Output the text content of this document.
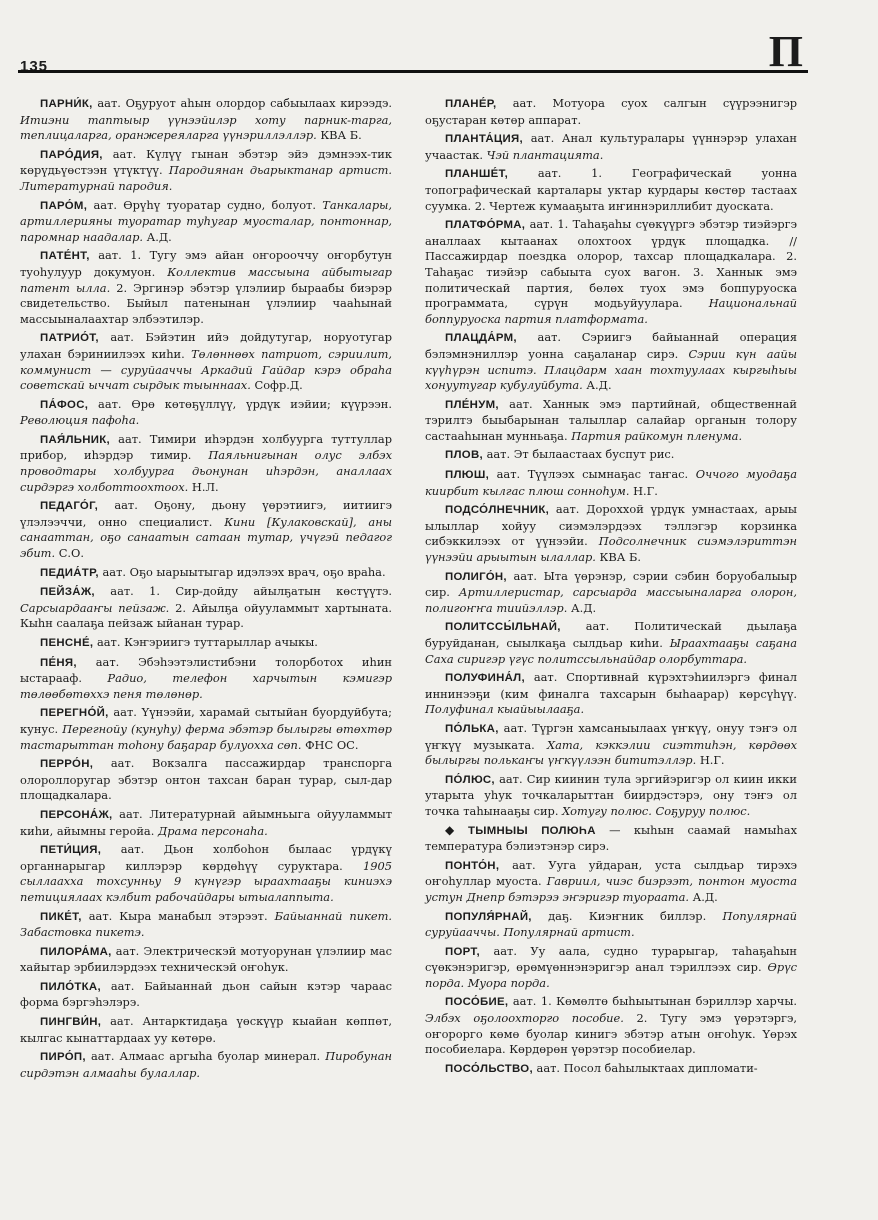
135	П

ПАРНИ́К, аат. Оҕуруот аһын олордор сабыылаах кирээдэ. Итиэни таптыыр үүнээйилэр хоту парник-тарга, теплицаларга, оранжереяларга үүнэриллэллэр. КВА Б.

ПАРО́ДИЯ, аат. Күлүү гынан эбэтэр эйэ дэмнээх-тик көрүдьүөстээн үтүктүү. Пародиянан дьарыктанар артист. Литературнай пародия.

ПАРО́М, аат. Өрүһү туоратар судно, болуот. Танкалары, артиллерияны туоратар туһугар муосталар, понтоннар, паромнар наадалар. А.Д.

ПАТЕ́НТ, аат. 1. Тугу эмэ айан оҥорооччу оҥорбутун туоһулуур докумуон. Коллектив массыына айбытыгар патент ылла. 2. Эргинэр эбэтэр үлэлиир быраабы биэрэр свидетельство. Быйыл патенынан үлэлиир чааһынай массыыналаахтар элбээтилэр.

ПАТРИО́Т, аат. Бэйэтин ийэ дойдутугар, норуотугар улахан бэриниилээх киһи. Төлөннөөх патриот, сэриилит, коммунист — суруйааччы Аркадий Гайдар кэрэ обраһа советскай ыччат сырдык тыыннаах. Софр.Д.

ПА́ФОС, аат. Өрө көтөҕүллүү, үрдүк иэйии; күүрээн. Революция пафоһа.

ПАЯ́ЛЬНИК, аат. Тимири иһэрдэн холбуурга туттуллар прибор, иһэрдэр тимир. Паяльнигынан олус элбэх проводтары холбуурга дьонунан иһэрдэн, аналлаах сирдэргэ холботтоохтоох. Н.Л.

ПЕДАГО́Г, аат. Оҕону, дьону үөрэтиигэ, иитиигэ үлэлээччи, онно специалист. Кини [Кулаковскай], аны санааттан, оҕо санаатын сатаан тутар, үчүгэй педагог эбит. С.О.

ПЕДИА́ТР, аат. Оҕо ыарыытыгар идэлээх врач, оҕо враһа.

ПЕЙЗА́Ж, аат. 1. Сир-дойду айылҕатын көстүүтэ. Сарсыардааҥы пейзаж. 2. Айылҕа ойууламмыт хартыната. Кыһн саалаҕа пейзаж ыйанан турар.

ПЕНСНЕ́, аат. Кэҥэриигэ туттарыллар ачыкы.

ПЕ́НЯ, аат. Эбэһээтэлистибэни толорботох иһин ыстарааф. Радио, телефон харчытын кэмигэр төлөөбөтөххэ пеня төлөнөр.

ПЕРЕГНО́Й, аат. Үүнээйи, харамай сытыйан буордуйбута; кунус. Перегнойу (кунуһу) ферма эбэтэр былыргы өтөхтөр тастарыттан тоһону баҕарар булуоххa сөп. ФНС ОС.

ПЕРРО́Н, аат. Вокзалга пассажирдар транспорга олороллоругар эбэтэр онтон тахсан баран турар, сыл-дар площадкалара.

ПЕРСОНА́Ж, аат. Литературнай айымньыга ойууламмыт киһи, айымны геройа. Драма персонаһа.

ПЕТИ́ЦИЯ, аат. Дьон холбоһон былаас үрдүкү органнарыгар киллэрэр көрдөһүү суруктара. 1905 сыллааххa тохсунньу 9 күнүгэр ыраахтааҕы киниэхэ петициялаах кэлбит рабочайдары ытыалаппыта.

ПИКЕ́Т, аат. Кыра манабыл этэрээт. Байыаннай пикет. Забастовка пикетэ.

ПИЛОРА́МА, аат. Электрическэй мотуорунан үлэлиир мас хайытар эрбиилэрдээх техническэй оҥоһук.

ПИЛО́ТКА, аат. Байыаннай дьон сайын кэтэр чараас форма бэргэһэлэрэ.

ПИНГВИ́Н, аат. Антарктидаҕа үөскүүр кыайан көппөт, кылгас кынаттардаах уу көтөрө.

ПИРО́П, аат. Алмаас аргыһа буолар минерал. Пиробунан сирдэтэн алмааһы булаллар.

ПЛАНЕ́Р, аат. Мотуора суох салгын сүүрээнигэр оҕустаран көтөр аппарат.

ПЛАНТА́ЦИЯ, аат. Анал культуралары үүннэрэр улахан учаастак. Чэй плантацията.

ПЛАНШЕ́Т,	аат. 1. Географическай уонна топографическай карталары уктар курдары көстөр тастаах суумка. 2. Чертеж кумааҕыта иҥиннэриллибит дуоската.

ПЛАТФО́РМА, аат. 1. Таһаҕаһы сүөкүүргэ эбэтэр тиэйэргэ аналлаах кытаанах олохтоох үрдүк площадка. // Пассажирдар поездка олорор, тахсар площадкалара. 2. Таһаҕас тиэйэр сабыыта суох вагон. 3. Ханнык эмэ политическай партия, бөлөх туох эмэ боппуруоска программата, сүрүн модьуйуулара. Национальнай боппуруоска партия платформата.

ПЛАЦДА́РМ, аат. Сэриигэ байыаннай операция бэлэмнэниллэр уонна саҕаланар сирэ. Сэрии күн аайы күүһүрэн испитэ. Плацдарм хаан тохтуулаах кыргыһыы хонуутугар кубулуйбута. А.Д.

ПЛЕ́НУМ, аат. Ханнык эмэ партийнай, общественнай тэрилтэ быыбарынан талыллар салайар органын толору састааһынан мунньаҕа. Партия райкомун пленума.

ПЛОВ, аат. Эт былаастаах буспут рис.

ПЛЮШ, аат. Түүлээх сымнаҕас таҥас. Оччого муодаҕа киирбит кылгас плюш сонноһум. Н.Г.

ПОДСО́ЛНЕЧНИК, аат. Дороххой үрдүк умнастаах, арыы ылыллар хойуу сиэмэлэрдээх тэллэгэр корзинка сибэккилээх от үүнээйи. Подсолнечник сиэмэлэриттэн үүнээйи арыытын ылаллар. КВА Б.

ПОЛИГО́Н, аат. Ыта үөрэнэр, сэрии сэбин боруобалыыр сир. Артиллеристар, сарсыарда массыыналарга олорон, полигоҥҥа тиийэллэр. А.Д.

ПОЛИТССЫ́ЛЬНАЙ, аат. Политическай дьылаҕа буруйданан, сыылкаҕа сылдьар киһи. Ыраахтааҕы саҕана Саха сиригэр үгүс политссыльнайдар олорбуттара.

ПОЛУФИНА́Л, аат. Спортивнай күрэхтэһиилэргэ финал иннинээҕи (ким финалга тахсарын быһаарар) көрсүһүү. Полуфинал кыайыылааҕа.

ПО́ЛЬКА, аат. Түргэн хамсаныылаах үҥкүү, онуу тэҥэ ол үҥкүү музыката. Хата, кэккэлии сиэттиһэн, көрдөөх былыргы полькаҥы үҥкүүлээн бититэллэр. Н.Г.

ПО́ЛЮС, аат. Сир киинин тула эргийэригэр ол киин икки утарыта уһук точкаларыттан биирдэстэрэ, ону тэҥэ ол точка таһынааҕы сир. Хотугу полюс. Соҕуруу полюс.

◆ ТЫМНЫЫ ПОЛЮҺА — кыһын саамай намыһах температура бэлиэтэнэр сирэ.

ПОНТО́Н, аат. Ууга уйдаран, уста сылдьар тирэхэ оҥоһуллар муоста. Гавриил, чиэс биэрээт, понтон муоста устун Днепр бэтэрээ эҥэригэр туораата. А.Д.

ПОПУЛЯ́РНАЙ, даҕ. Киэҥник биллэр. Популярнай суруйааччы. Популярнай артист.

ПОРТ, аат. Уу аала, судно турарыгар, таһаҕаһын сүөкэнэригэр, өрөмүөннэнэригэр анал тэриллээх сир. Өрүс порда. Муора порда.

ПОСО́БИЕ, аат. 1. Көмөлтө быһыытынан бэриллэр харчы. Элбэх оҕолоохторго пособие. 2. Тугу эмэ үөрэтэргэ, оҥорорго көмө буолар кинигэ эбэтэр атын оҥоһук. Үөрэх пособиелара. Көрдөрөн үөрэтэр пособиелар.

ПОСО́ЛЬСТВО, аат. Посол баһылыктаах дипломати-
